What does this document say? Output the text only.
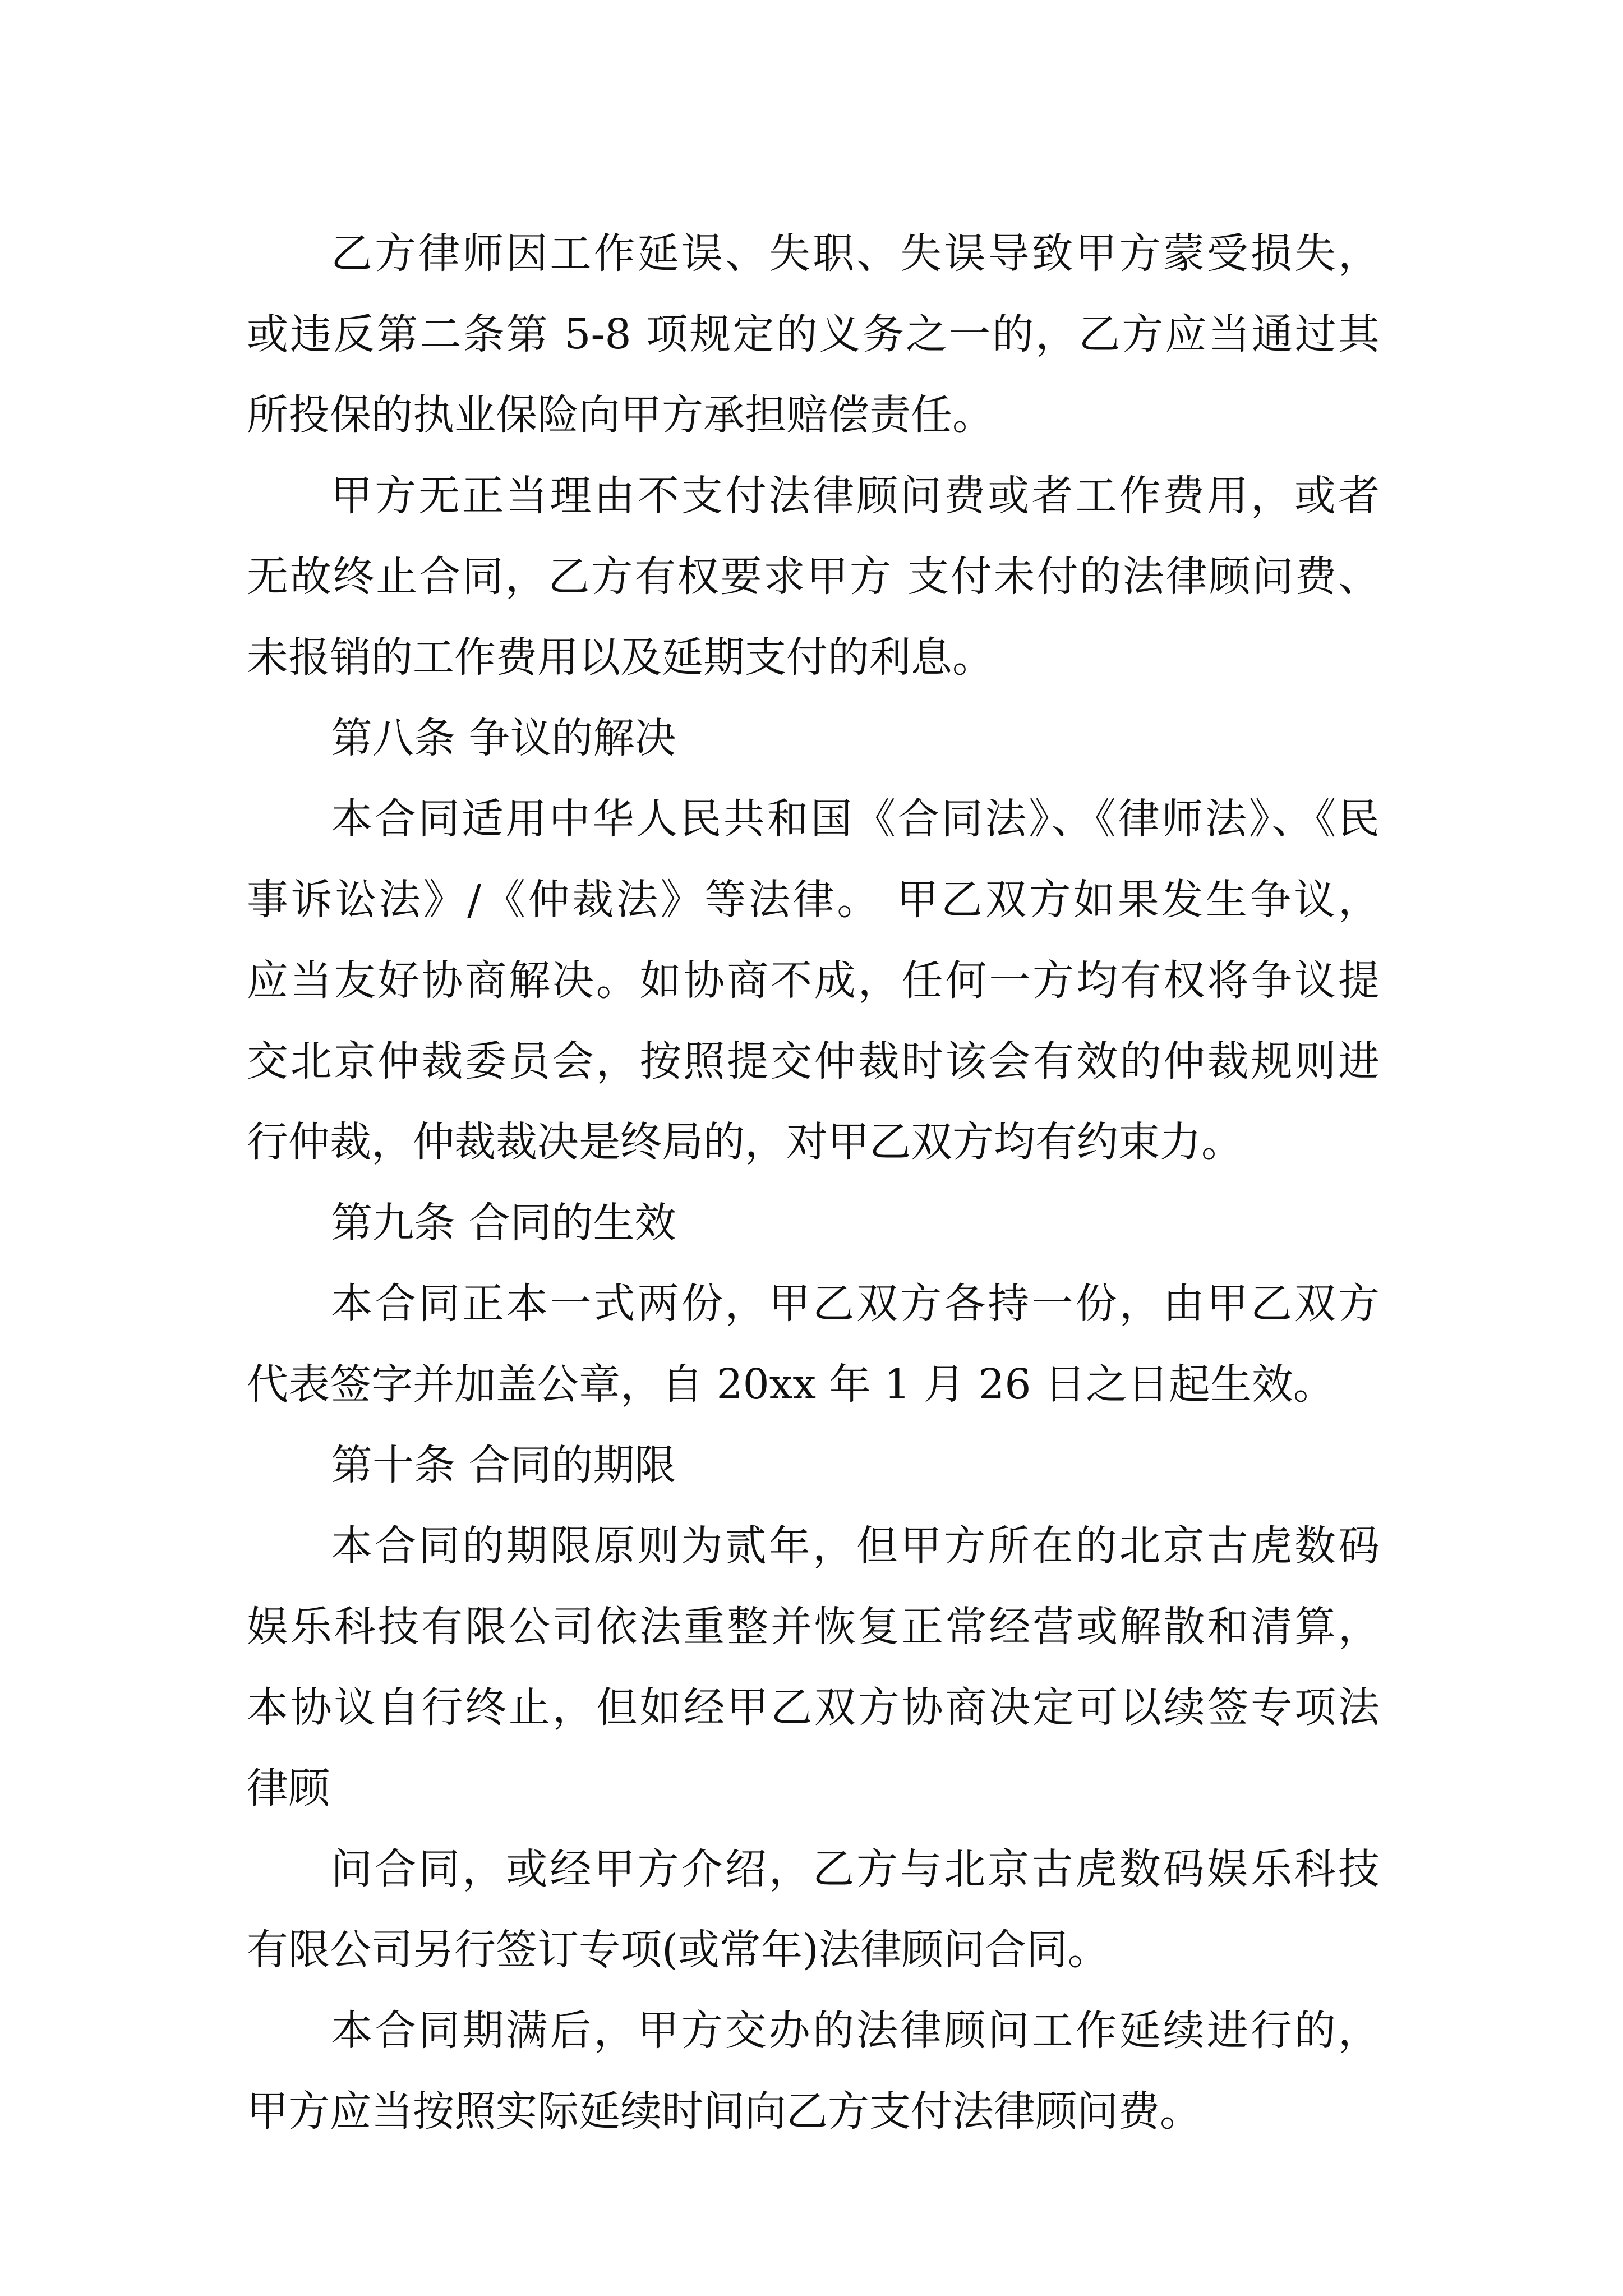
乙方律师因工作延误、失职、失误导致甲方蒙受损失，
或违反第二条第 5-8 项规定的义务之一的，乙方应当通过其
所投保的执业保险向甲方承担赔偿责任。
甲方无正当理由不支付法律顾问费或者工作费用，或者
无故终止合同，乙方有权要求甲方 支付未付的法律顾问费、
未报销的工作费用以及延期支付的利息。
第八条 争议的解决
本合同适用中华人民共和国《合同法》、《律师法》、《民
事诉讼法》/《仲裁法》等法律。 甲乙双方如果发生争议，
应当友好协商解决。如协商不成，任何一方均有权将争议提
交北京仲裁委员会，按照提交仲裁时该会有效的仲裁规则进
行仲裁，仲裁裁决是终局的，对甲乙双方均有约束力。
第九条 合同的生效
本合同正本一式两份，甲乙双方各持一份，由甲乙双方
代表签字并加盖公章，自 20xx 年 1 月 26 日之日起生效。
第十条 合同的期限
本合同的期限原则为贰年，但甲方所在的北京古虎数码
娱乐科技有限公司依法重整并恢复正常经营或解散和清算，
本协议自行终止，但如经甲乙双方协商决定可以续签专项法
律顾
问合同，或经甲方介绍，乙方与北京古虎数码娱乐科技
有限公司另行签订专项(或常年)法律顾问合同。
本合同期满后，甲方交办的法律顾问工作延续进行的，
甲方应当按照实际延续时间向乙方支付法律顾问费。
